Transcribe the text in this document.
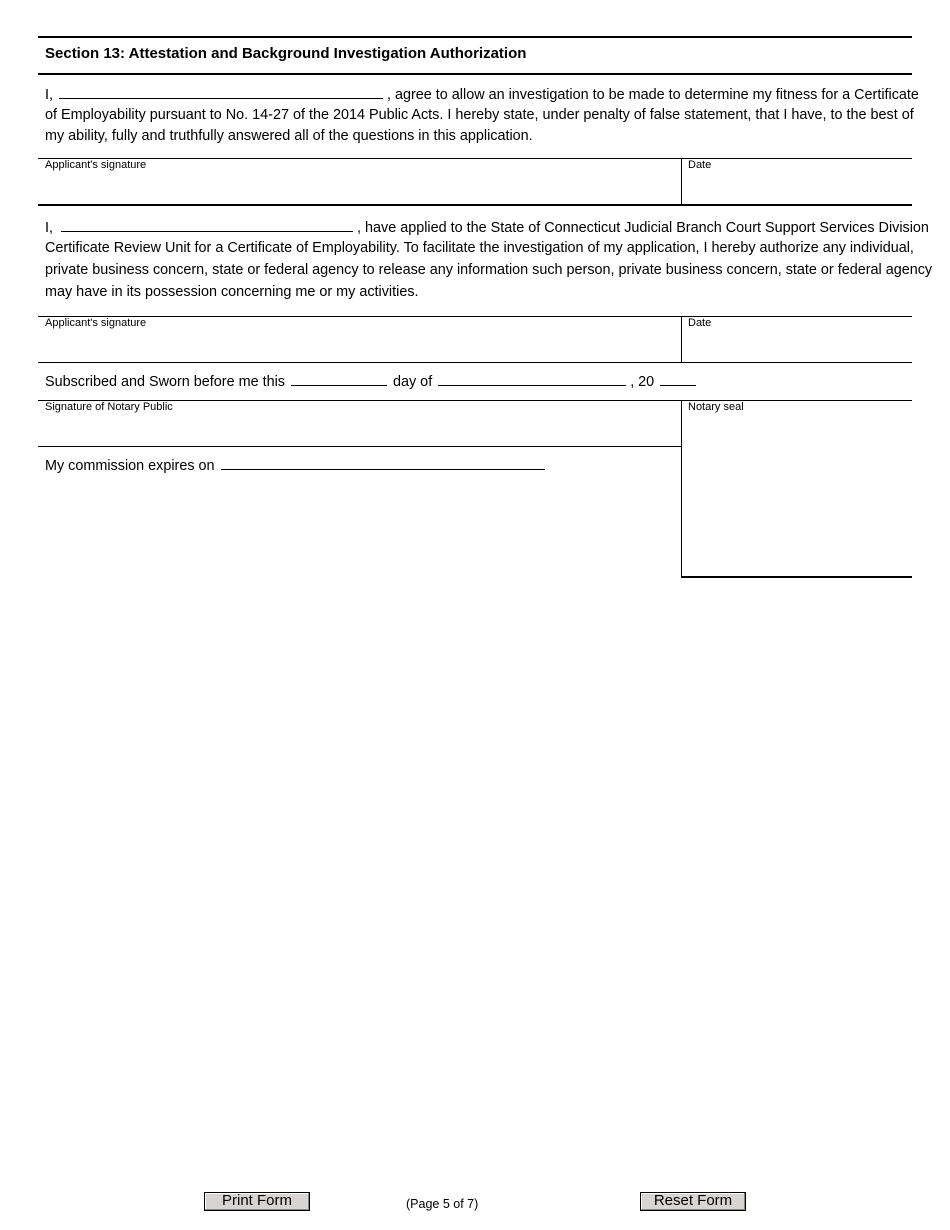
Section 13: Attestation and Background Investigation Authorization
I,	, agree to allow an investigation to be made to determine my fitness for a Certificate
of Employability pursuant to No. 14-27 of the 2014 Public Acts. I hereby state, under penalty of false statement, that I have, to the best of
my ability, fully and truthfully answered all of the questions in this application.
Applicant's signature	Date
I,	, have applied to the State of Connecticut Judicial Branch Court Support Services Division
Certificate Review Unit for a Certificate of Employability. To facilitate the investigation of my application, I hereby authorize any individual,
private business concern, state or federal agency to release any information such person, private business concern, state or federal agency
may have in its possession concerning me or my activities.
Applicant's signature	Date
Subscribed and Sworn before me this	day of	, 20
Signature of Notary Public	Notary seal
My commission expires on
Print Form	(Page 5 of 7)	Reset Form
